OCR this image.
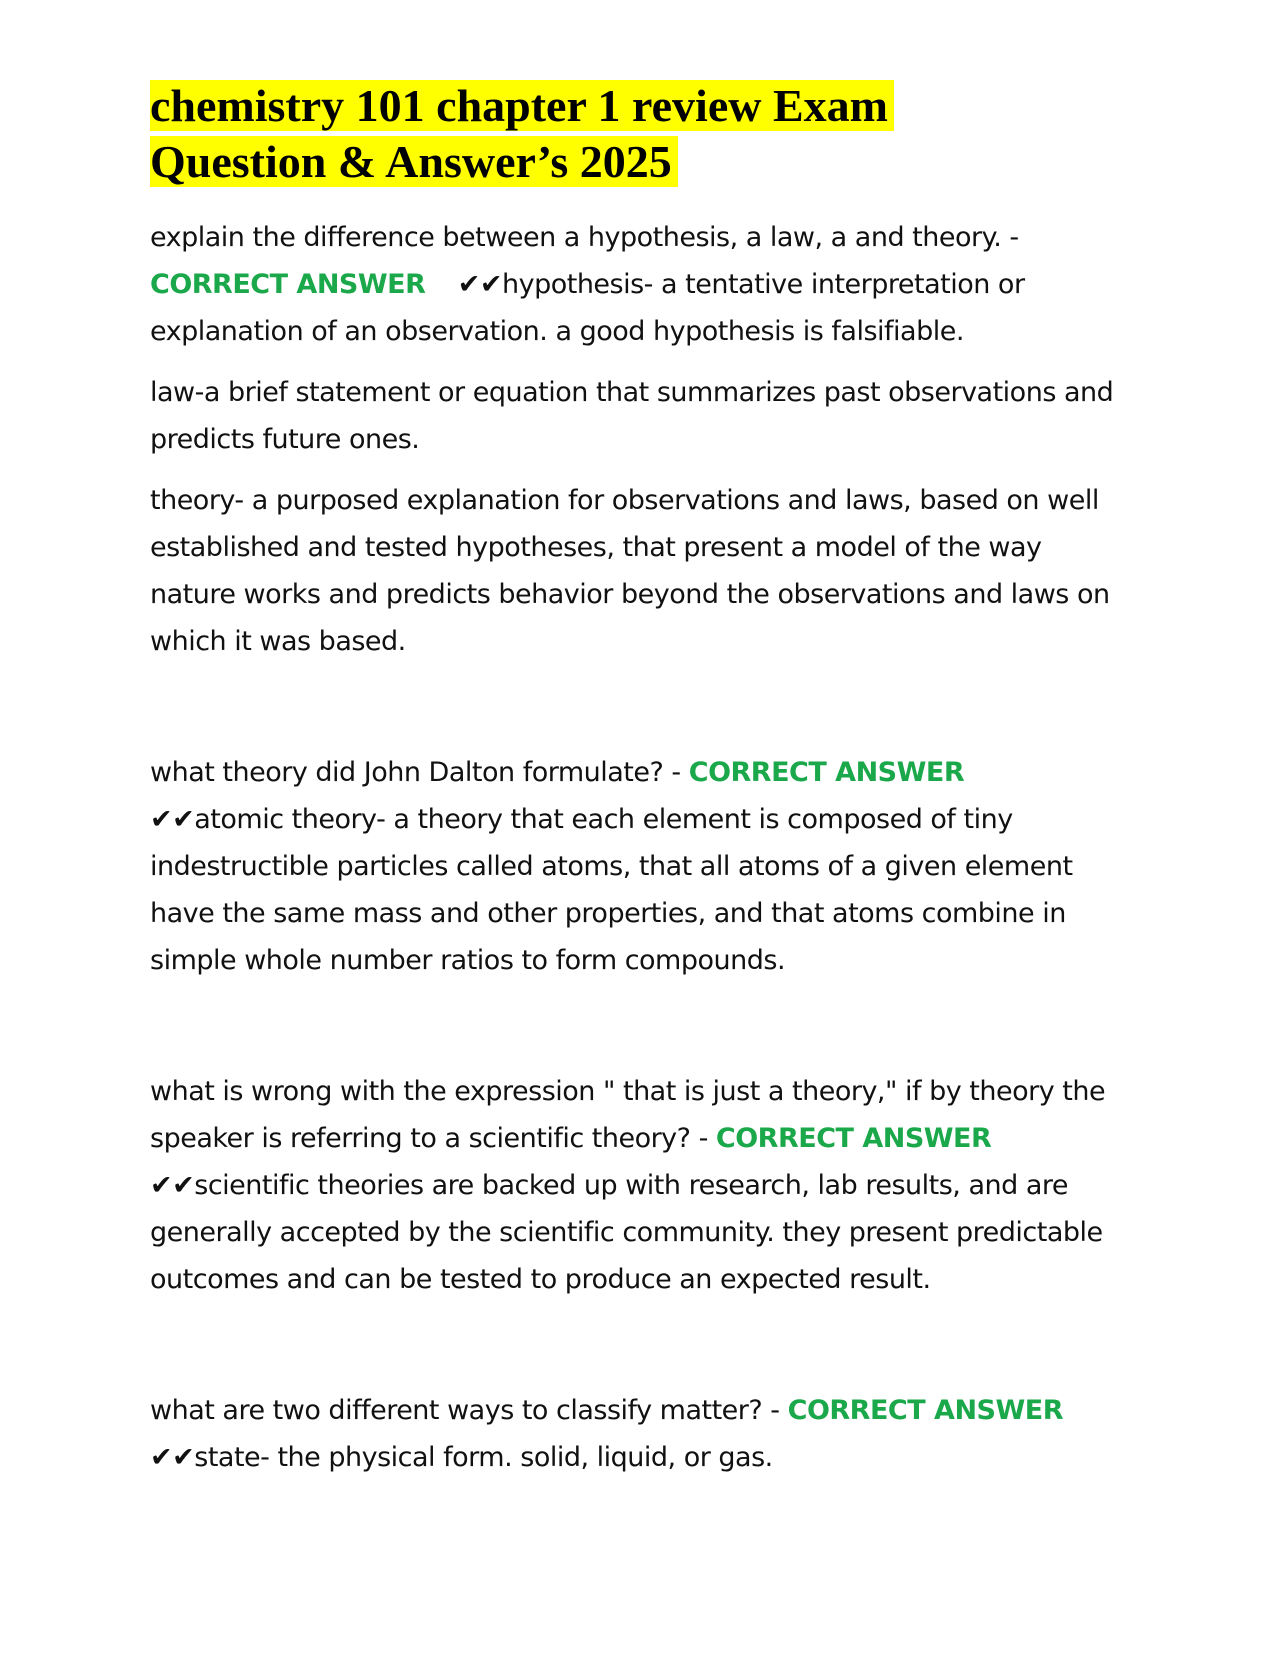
chemistry 101 chapter 1 review Exam
Question & Answer’s 2025

explain the difference between a hypothesis, a law, a and theory. -
CORRECT ANSWER ✔✔hypothesis- a tentative interpretation or explanation of an observation. a good hypothesis is falsifiable.

law-a brief statement or equation that summarizes past observations and predicts future ones.

theory- a purposed explanation for observations and laws, based on well established and tested hypotheses, that present a model of the way nature works and predicts behavior beyond the observations and laws on which it was based.

what theory did John Dalton formulate? - CORRECT ANSWER
✔✔atomic theory- a theory that each element is composed of tiny indestructible particles called atoms, that all atoms of a given element have the same mass and other properties, and that atoms combine in simple whole number ratios to form compounds.

what is wrong with the expression " that is just a theory," if by theory the speaker is referring to a scientific theory? - CORRECT ANSWER
✔✔scientific theories are backed up with research, lab results, and are generally accepted by the scientific community. they present predictable outcomes and can be tested to produce an expected result.

what are two different ways to classify matter? - CORRECT ANSWER
✔✔state- the physical form. solid, liquid, or gas.
